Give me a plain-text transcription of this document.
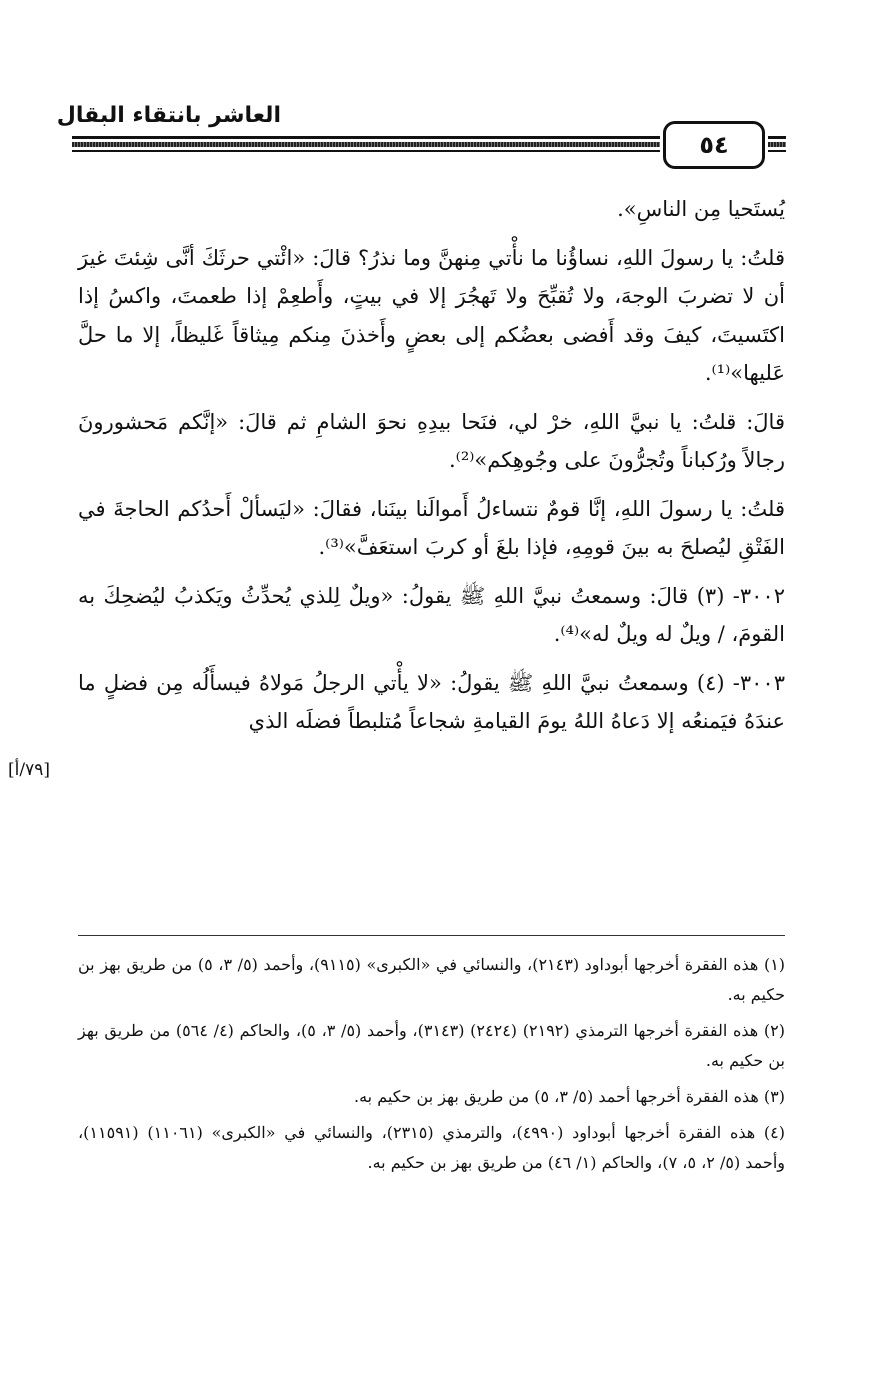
العاشر بانتقاء البقال
٥٤

يُستَحيا مِن الناسِ».

قلتُ: يا رسولَ اللهِ، نساؤُنا ما نأْتي مِنهنَّ وما نذرُ؟ قالَ: «ائْتي حرثَكَ أنَّى شِئتَ غيرَ أن لا تضربَ الوجهَ، ولا تُقبِّحَ ولا تَهجُرَ إلا في بيتٍ، وأَطعِمْ إذا طعمتَ، واكسُ إذا اكتَسيتَ، كيفَ وقد أَفضى بعضُكم إلى بعضٍ وأَخذنَ مِنكم مِيثاقاً غَليظاً، إلا ما حلَّ عَليها»⁽¹⁾.

قالَ: قلتُ: يا نبيَّ اللهِ، خرْ لي، فنَحا بيدِهِ نحوَ الشامِ ثم قالَ: «إنَّكم مَحشورونَ رجالاً ورُكباناً وتُجرُّونَ على وجُوهِكم»⁽²⁾.

قلتُ: يا رسولَ اللهِ، إنَّا قومٌ نتساءلُ أَموالَنا بينَنا، فقالَ: «ليَسألْ أَحدُكم الحاجةَ في الفَتْقِ ليُصلحَ به بينَ قومِهِ، فإذا بلغَ أو كربَ استعَفَّ»⁽³⁾.

٣٠٠٢- (٣) قالَ: وسمعتُ نبيَّ اللهِ ﷺ يقولُ: «ويلٌ لِلذي يُحدِّثُ ويَكذبُ ليُضحِكَ به القومَ، / ويلٌ له ويلٌ له»⁽⁴⁾.

٣٠٠٣- (٤) وسمعتُ نبيَّ اللهِ ﷺ يقولُ: «لا يأْتي الرجلُ مَولاهُ فيسأَلُه مِن فضلٍ ما عندَهُ فيَمنعُه إلا دَعاهُ اللهُ يومَ القيامةِ شجاعاً مُتلبطاً فضلَه الذي

[٧٩/أ]

(١) هذه الفقرة أخرجها أبوداود (٢١٤٣)، والنسائي في «الكبرى» (٩١١٥)، وأحمد (٥/ ٣، ٥) من طريق بهز بن حكيم به.

(٢) هذه الفقرة أخرجها الترمذي (٢١٩٢) (٢٤٢٤) (٣١٤٣)، وأحمد (٥/ ٣، ٥)، والحاكم (٤/ ٥٦٤) من طريق بهز بن حكيم به.

(٣) هذه الفقرة أخرجها أحمد (٥/ ٣، ٥) من طريق بهز بن حكيم به.

(٤) هذه الفقرة أخرجها أبوداود (٤٩٩٠)، والترمذي (٢٣١٥)، والنسائي في «الكبرى» (١١٠٦١) (١١٥٩١)، وأحمد (٥/ ٢، ٥، ٧)، والحاكم (١/ ٤٦) من طريق بهز بن حكيم به.
